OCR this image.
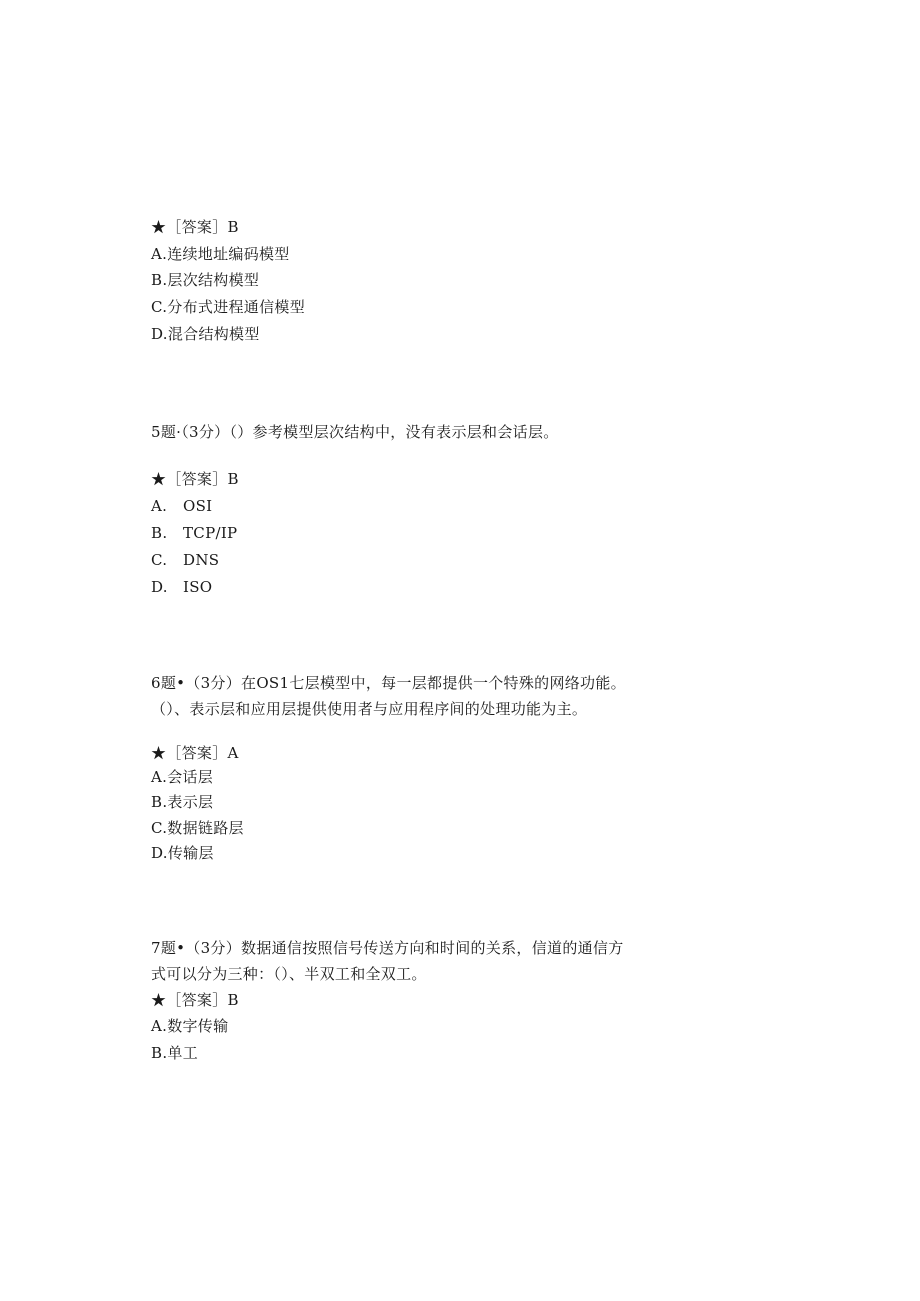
★［答案］B
A.连续地址编码模型
B.层次结构模型
C.分布式进程通信模型
D.混合结构模型
5题·（3分）（）参考模型层次结构中，没有表示层和会话层。
★［答案］B
A. OSI
B. TCP/IP
C. DNS
D. ISO
6题•（3分）在OS1七层模型中，每一层都提供一个特殊的网络功能。
（）、表示层和应用层提供使用者与应用程序间的处理功能为主。
★［答案］A
A.会话层
B.表示层
C.数据链路层
D.传输层
7题•（3分）数据通信按照信号传送方向和时间的关系，信道的通信方
式可以分为三种：（）、半双工和全双工。
★［答案］B
A.数字传输
B.单工
